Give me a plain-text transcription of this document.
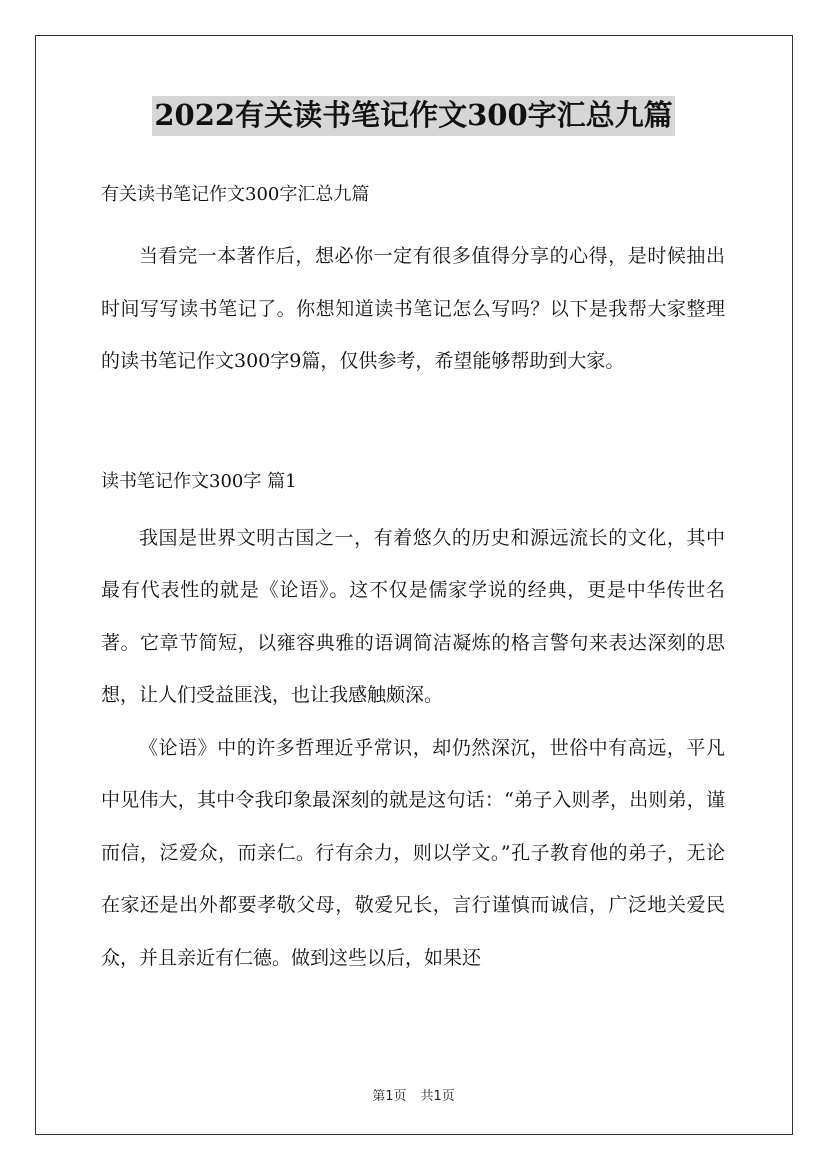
2022有关读书笔记作文300字汇总九篇

有关读书笔记作文300字汇总九篇

当看完一本著作后，想必你一定有很多值得分享的心得，是时候抽出时间写写读书笔记了。你想知道读书笔记怎么写吗？以下是我帮大家整理的读书笔记作文300字9篇，仅供参考，希望能够帮助到大家。

读书笔记作文300字 篇1

我国是世界文明古国之一，有着悠久的历史和源远流长的文化，其中最有代表性的就是《论语》。这不仅是儒家学说的经典，更是中华传世名著。它章节简短，以雍容典雅的语调简洁凝炼的格言警句来表达深刻的思想，让人们受益匪浅，也让我感触颇深。

《论语》中的许多哲理近乎常识，却仍然深沉，世俗中有高远，平凡中见伟大，其中令我印象最深刻的就是这句话：“弟子入则孝，出则弟，谨而信，泛爱众，而亲仁。行有余力，则以学文。”孔子教育他的弟子，无论在家还是出外都要孝敬父母，敬爱兄长，言行谨慎而诚信，广泛地关爱民众，并且亲近有仁德。做到这些以后，如果还

第1页 共1页
